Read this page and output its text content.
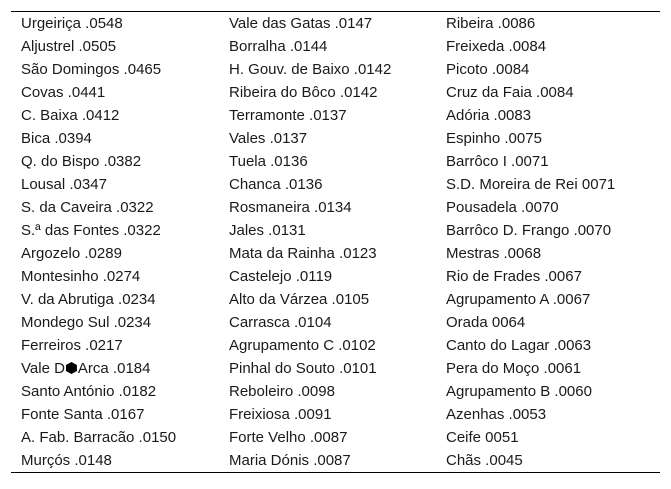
Urgeiriça .0548	Vale das Gatas .0147	Ribeira .0086
Aljustrel .0505	Borralha .0144	Freixeda .0084
São Domingos .0465	H. Gouv. de Baixo .0142	Picoto .0084
Covas .0441	Ribeira do Bôco .0142	Cruz da Faia .0084
C. Baixa .0412	Terramonte .0137	Adória .0083
Bica .0394	Vales .0137	Espinho .0075
Q. do Bispo .0382	Tuela .0136	Barrôco I .0071
Lousal .0347	Chanca .0136	S.D. Moreira de Rei 0071
S. da Caveira .0322	Rosmaneira .0134	Pousadela .0070
S.ª das Fontes .0322	Jales .0131	Barrôco D. Frango .0070
Argozelo .0289	Mata da Rainha .0123	Mestras .0068
Montesinho .0274	Castelejo .0119	Rio de Frades .0067
V. da Abrutiga .0234	Alto da Várzea .0105	Agrupamento A .0067
Mondego Sul .0234	Carrasca .0104	Orada 0064
Ferreiros .0217	Agrupamento C .0102	Canto do Lagar .0063
Vale D Arca .0184	Pinhal do Souto .0101	Pera do Moço .0061
Santo António .0182	Reboleiro .0098	Agrupamento B .0060
Fonte Santa .0167	Freixiosa .0091	Azenhas .0053
A. Fab. Barracão .0150	Forte Velho .0087	Ceife 0051
Murçós .0148	Maria Dónis .0087	Chãs .0045
